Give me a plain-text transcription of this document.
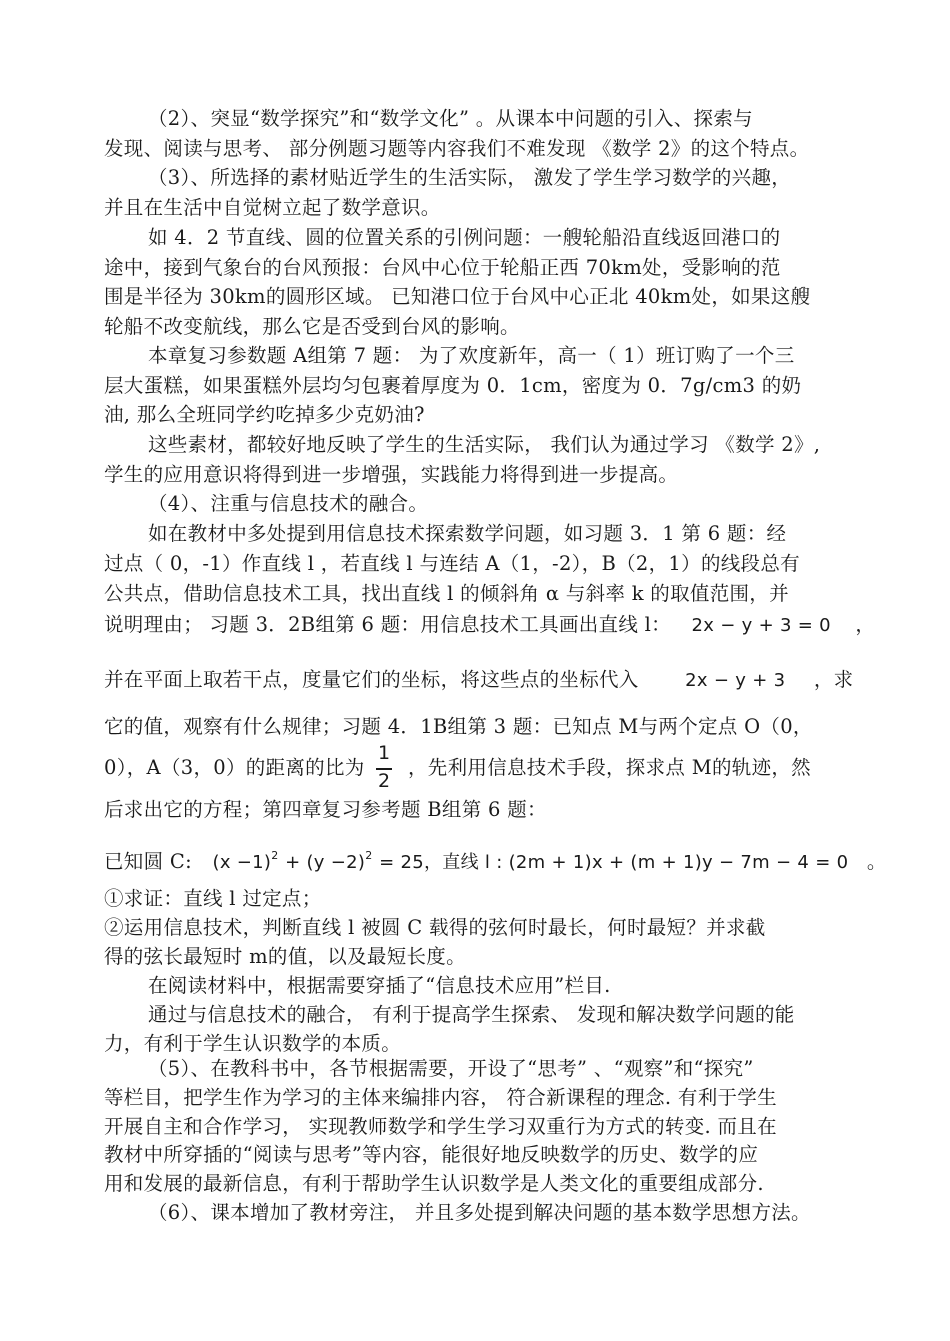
（2）、突显“数学探究”和“数学文化” 。从课本中问题的引入、探索与
发现、阅读与思考、 部分例题习题等内容我们不难发现 《数学 2》的这个特点。
（3）、所选择的素材贴近学生的生活实际， 激发了学生学习数学的兴趣，
并且在生活中自觉树立起了数学意识。
如 4．2 节直线、圆的位置关系的引例问题：一艘轮船沿直线返回港口的
途中，接到气象台的台风预报：台风中心位于轮船正西 70km处，受影响的范
围是半径为 30km的圆形区域。 已知港口位于台风中心正北 40km处，如果这艘
轮船不改变航线，那么它是否受到台风的影响。
本章复习参数题 A组第 7 题： 为了欢度新年，高一（ 1）班订购了一个三
层大蛋糕，如果蛋糕外层均匀包裹着厚度为 0．1cm，密度为 0．7g/cm3 的奶
油, 那么全班同学约吃掉多少克奶油?
这些素材，都较好地反映了学生的生活实际， 我们认为通过学习 《数学 2》,
学生的应用意识将得到进一步增强，实践能力将得到进一步提高。
（4）、注重与信息技术的融合。
如在教材中多处提到用信息技术探索数学问题，如习题 3．1 第 6 题：经
过点（ 0，-1）作直线 l ，若直线 l 与连结 A（1，-2），B（2，1）的线段总有
公共点，借助信息技术工具，找出直线 l 的倾斜角 α 与斜率 k 的取值范围，并
说明理由； 习题 3．2B组第 6 题：用信息技术工具画出直线 l： 2x − y + 3 = 0 ，
并在平面上取若干点，度量它们的坐标，将这些点的坐标代入	2x − y + 3 ，求
它的值，观察有什么规律；习题 4．1B组第 3 题：已知点 M与两个定点 O（0，
0），A（3，0）的距离的比为
1
2
，先利用信息技术手段，探求点 M的轨迹，然
后求出它的方程；第四章复习参考题 B组第 6 题：
已知圆 C: $(x -1)^2 + (y -2)^2 = 25$，直线 l : (2m + 1)x + (m + 1)y − 7m − 4 = 0 。
①求证：直线 l 过定点；
②运用信息技术，判断直线 l 被圆 C 载得的弦何时最长，何时最短？并求截
得的弦长最短时 m的值，以及最短长度。
在阅读材料中，根据需要穿插了“信息技术应用”栏目.
通过与信息技术的融合， 有利于提高学生探索、 发现和解决数学问题的能
力，有利于学生认识数学的本质。
（5）、在教科书中，各节根据需要，开设了“思考” 、“观察”和“探究”
等栏目，把学生作为学习的主体来编排内容， 符合新课程的理念. 有利于学生
开展自主和合作学习， 实现教师数学和学生学习双重行为方式的转变. 而且在
教材中所穿插的“阅读与思考”等内容，能很好地反映数学的历史、数学的应
用和发展的最新信息，有利于帮助学生认识数学是人类文化的重要组成部分.
（6）、课本增加了教材旁注， 并且多处提到解决问题的基本数学思想方法。
